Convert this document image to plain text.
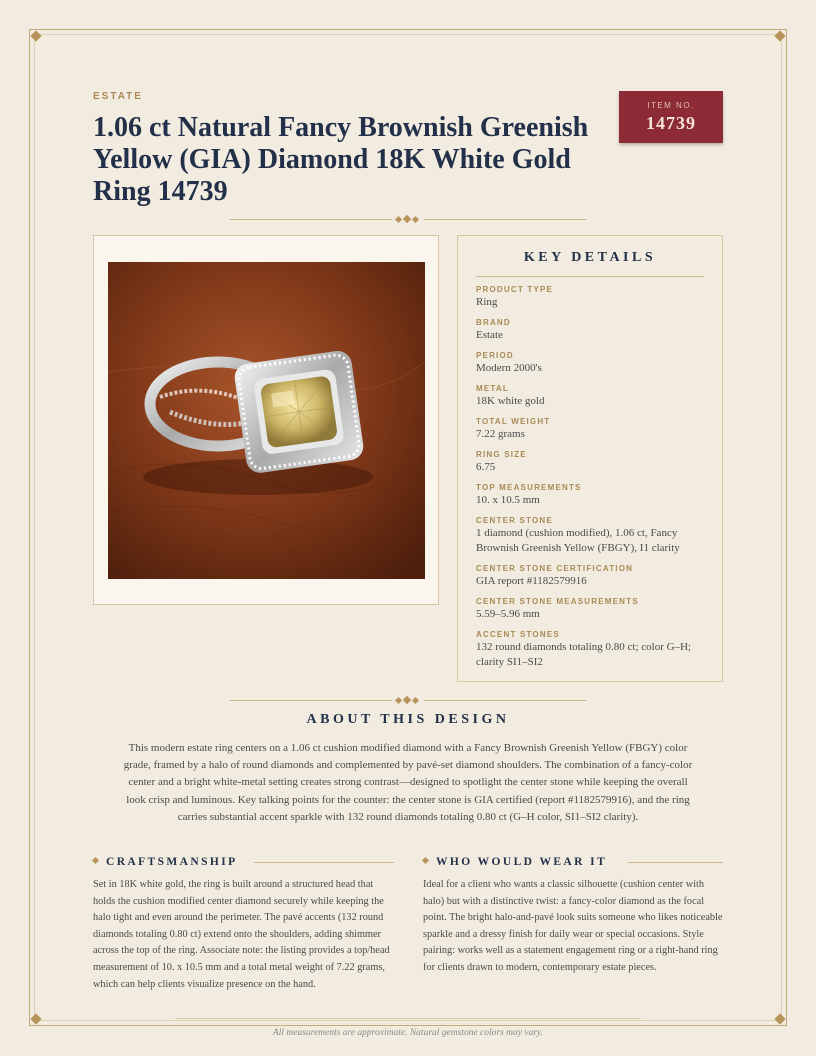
ESTATE
1.06 ct Natural Fancy Brownish Greenish Yellow (GIA) Diamond 18K White Gold Ring 14739
ITEM NO.
14739
KEY DETAILS
PRODUCT TYPE
Ring
BRAND
Estate
PERIOD
Modern 2000's
METAL
18K white gold
TOTAL WEIGHT
7.22 grams
RING SIZE
6.75
TOP MEASUREMENTS
10. x 10.5 mm
CENTER STONE
1 diamond (cushion modified), 1.06 ct, Fancy Brownish Greenish Yellow (FBGY), I1 clarity
CENTER STONE CERTIFICATION
GIA report #1182579916
CENTER STONE MEASUREMENTS
5.59–5.96 mm
ACCENT STONES
132 round diamonds totaling 0.80 ct; color G–H; clarity SI1–SI2
ABOUT THIS DESIGN

This modern estate ring centers on a 1.06 ct cushion modified diamond with a Fancy Brownish Greenish Yellow (FBGY) color grade, framed by a halo of round diamonds and complemented by pavé-set diamond shoulders. The combination of a fancy-color center and a bright white-metal setting creates strong contrast—designed to spotlight the center stone while keeping the overall look crisp and luminous. Key talking points for the counter: the center stone is GIA certified (report #1182579916), and the ring carries substantial accent sparkle with 132 round diamonds totaling 0.80 ct (G–H color, SI1–SI2 clarity).

CRAFTSMANSHIP

Set in 18K white gold, the ring is built around a structured head that holds the cushion modified center diamond securely while keeping the halo tight and even around the perimeter. The pavé accents (132 round diamonds totaling 0.80 ct) extend onto the shoulders, adding shimmer across the top of the ring. Associate note: the listing provides a top/head measurement of 10. x 10.5 mm and a total metal weight of 7.22 grams, which can help clients visualize presence on the hand.

WHO WOULD WEAR IT

Ideal for a client who wants a classic silhouette (cushion center with halo) but with a distinctive twist: a fancy-color diamond as the focal point. The bright halo-and-pavé look suits someone who likes noticeable sparkle and a dressy finish for daily wear or special occasions. Style pairing: works well as a statement engagement ring or a right-hand ring for clients drawn to modern, contemporary estate pieces.

All measurements are approximate. Natural gemstone colors may vary.
